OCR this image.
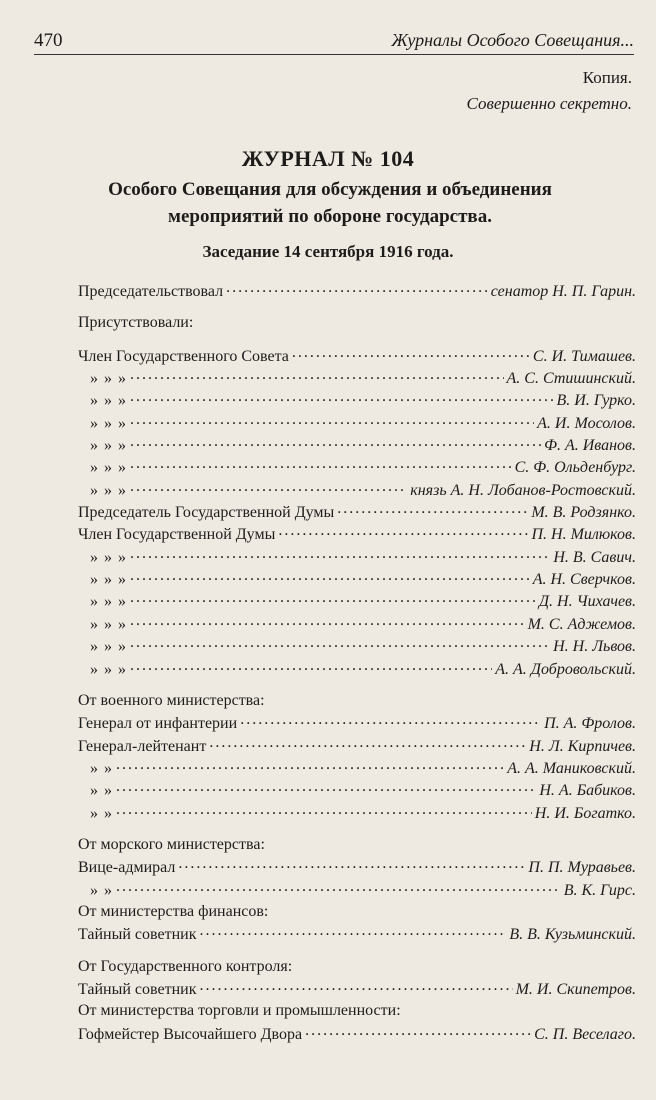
470	Журналы Особого Совещания...
Копия.
Совершенно секретно.
ЖУРНАЛ № 104
Особого Совещания для обсуждения и объединения
мероприятий по обороне государства.
Заседание 14 сентября 1916 года.
Председательствовал . . .	сенатор Н. П. Гарин.
Присутствовали:
Член Государственного Совета . . .	С. И. Тимашев.
» » » . . .	А. С. Стишинский.
» » » . . .	В. И. Гурко.
» » » . . .	А. И. Мосолов.
» » » . . .	Ф. А. Иванов.
» » » . . .	С. Ф. Ольденбург.
» » » . . .	князь А. Н. Лобанов-Ростовский.
Председатель Государственной Думы . . .	М. В. Родзянко.
Член Государственной Думы . . .	П. Н. Милюков.
» » » . . .	Н. В. Савич.
» » » . . .	А. Н. Сверчков.
» » » . . .	Д. Н. Чихачев.
» » » . . .	М. С. Аджемов.
» » » . . .	Н. Н. Львов.
» » » . . .	А. А. Добровольский.
От военного министерства:
Генерал от инфантерии . . .	П. А. Фролов.
Генерал-лейтенант . . .	Н. Л. Кирпичев.
» » . . .	А. А. Маниковский.
» » . . .	Н. А. Бабиков.
» » . . .	Н. И. Богатко.
От морского министерства:
Вице-адмирал . . .	П. П. Муравьев.
» » . . .	В. К. Гирс.
От министерства финансов:
Тайный советник . . .	В. В. Кузьминский.
От Государственного контроля:
Тайный советник . . .	М. И. Скипетров.
От министерства торговли и промышленности:
Гофмейстер Высочайшего Двора . . .	С. П. Веселаго.
